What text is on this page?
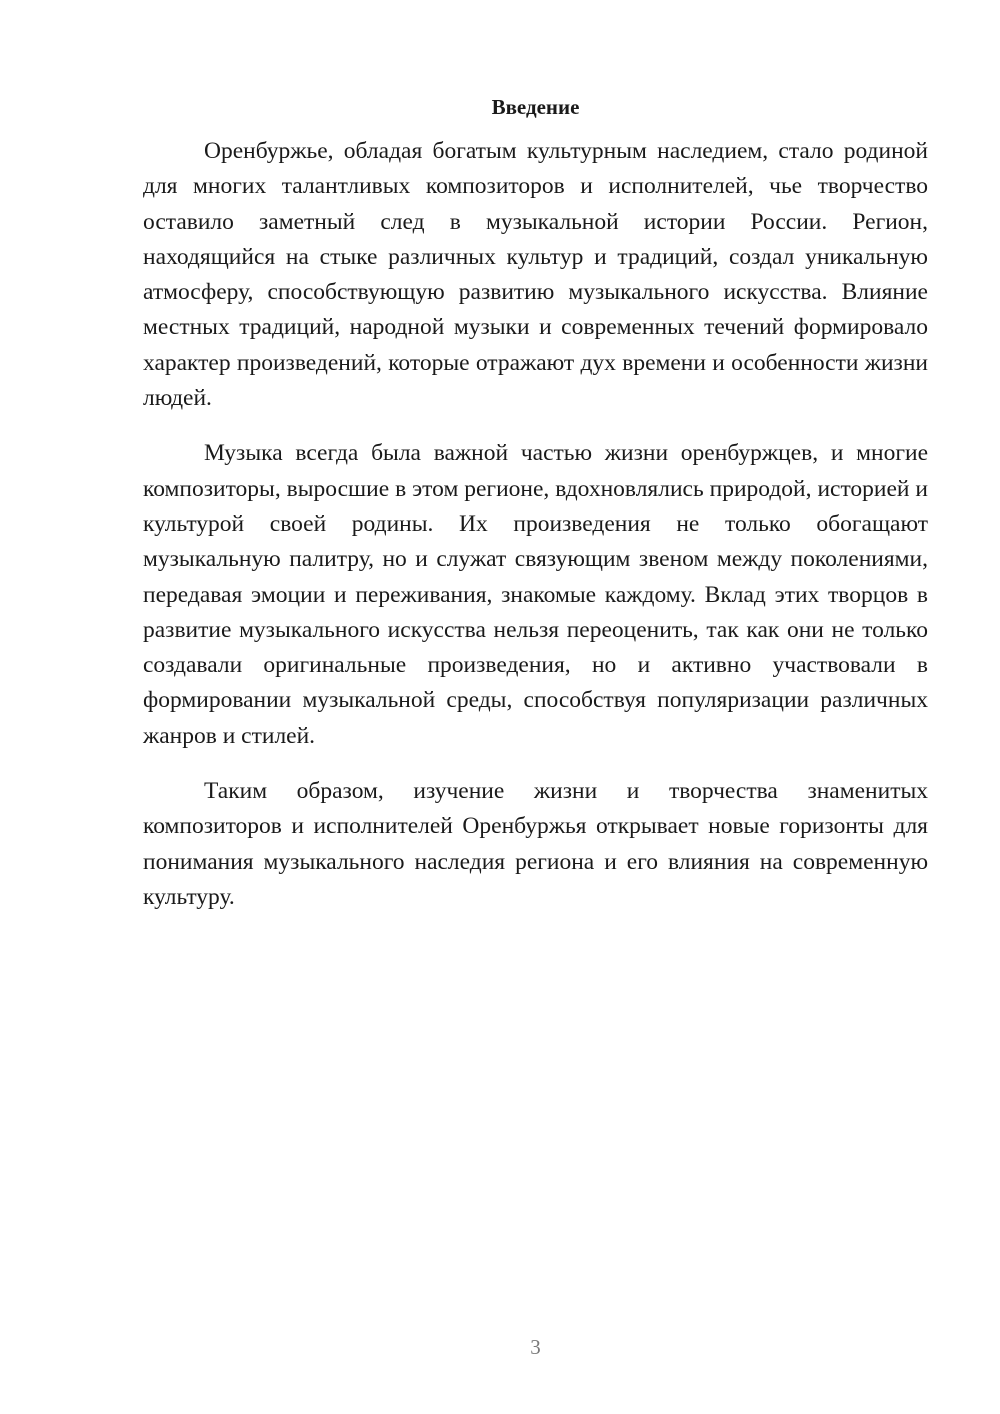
Введение

Оренбуржье, обладая богатым культурным наследием, стало родиной для многих талантливых композиторов и исполнителей, чье творчество оставило заметный след в музыкальной истории России. Регион, находящийся на стыке различных культур и традиций, создал уникальную атмосферу, способствующую развитию музыкального искусства. Влияние местных традиций, народной музыки и современных течений формировало характер произведений, которые отражают дух времени и особенности жизни людей.

Музыка всегда была важной частью жизни оренбуржцев, и многие композиторы, выросшие в этом регионе, вдохновлялись природой, историей и культурой своей родины. Их произведения не только обогащают музыкальную палитру, но и служат связующим звеном между поколениями, передавая эмоции и переживания, знакомые каждому. Вклад этих творцов в развитие музыкального искусства нельзя переоценить, так как они не только создавали оригинальные произведения, но и активно участвовали в формировании музыкальной среды, способствуя популяризации различных жанров и стилей.

Таким образом, изучение жизни и творчества знаменитых композиторов и исполнителей Оренбуржья открывает новые горизонты для понимания музыкального наследия региона и его влияния на современную культуру.

3
